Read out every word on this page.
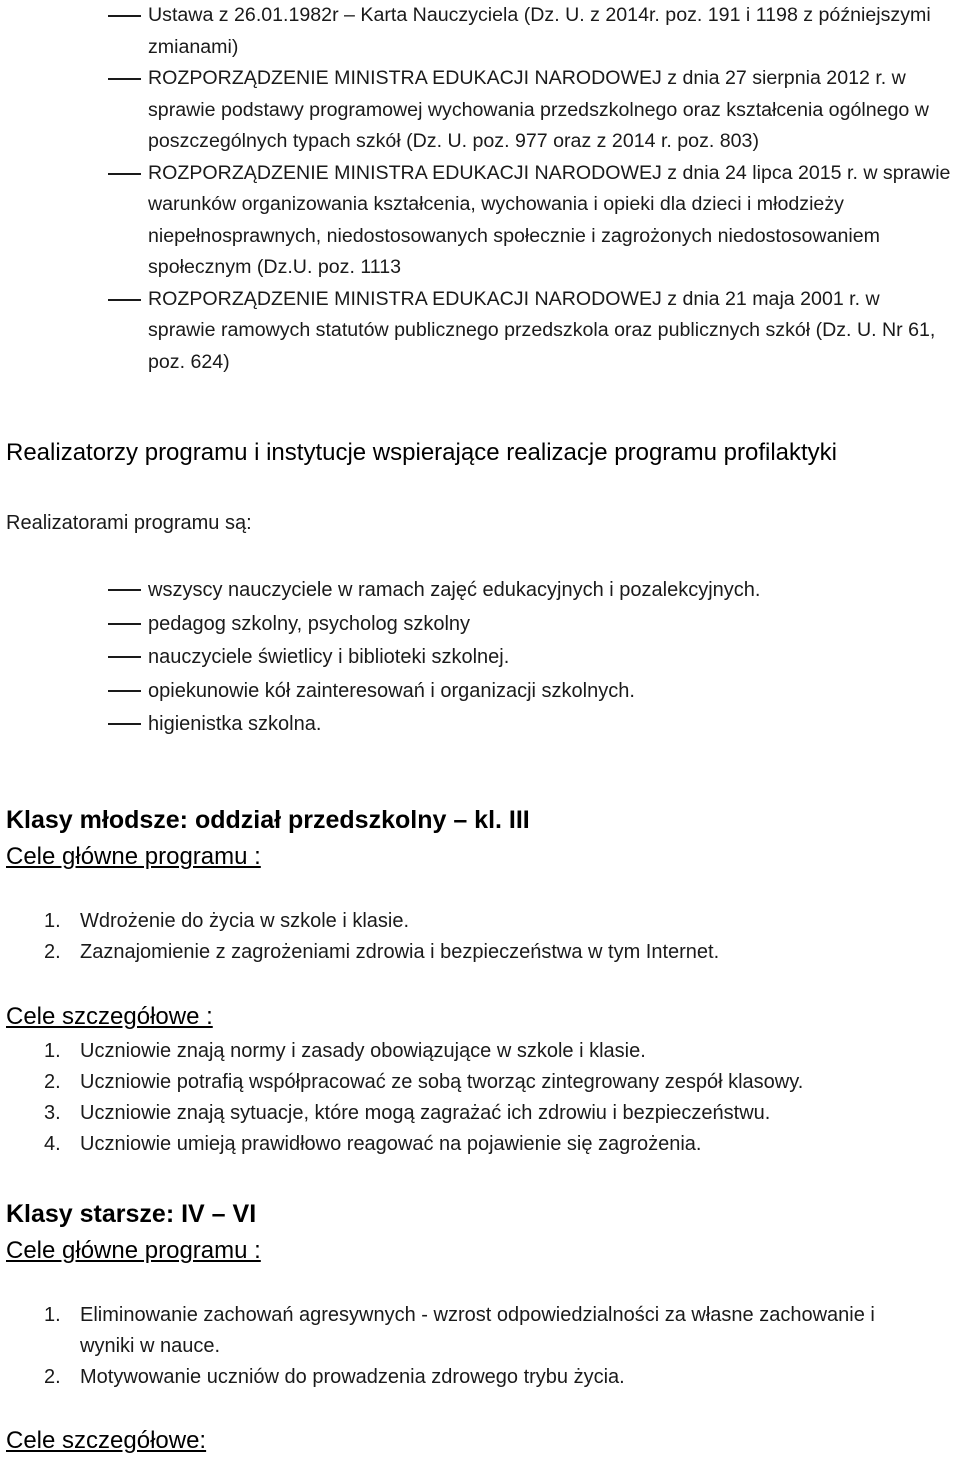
Ustawa z 26.01.1982r – Karta Nauczyciela (Dz. U. z 2014r. poz. 191 i 1198 z późniejszymi zmianami)
ROZPORZĄDZENIE MINISTRA EDUKACJI NARODOWEJ z dnia 27 sierpnia 2012 r. w sprawie podstawy programowej wychowania przedszkolnego oraz kształcenia ogólnego w poszczególnych typach szkół (Dz. U. poz. 977 oraz z 2014 r. poz. 803)
ROZPORZĄDZENIE MINISTRA EDUKACJI NARODOWEJ z dnia 24 lipca 2015 r. w sprawie warunków organizowania kształcenia, wychowania i opieki dla dzieci i młodzieży niepełnosprawnych, niedostosowanych społecznie i zagrożonych niedostosowaniem społecznym (Dz.U. poz. 1113
ROZPORZĄDZENIE MINISTRA EDUKACJI NARODOWEJ z dnia 21 maja 2001 r. w sprawie ramowych statutów publicznego przedszkola oraz publicznych szkół (Dz. U. Nr 61, poz. 624)
Realizatorzy programu i instytucje wspierające realizacje programu profilaktyki

Realizatorami programu są:

wszyscy nauczyciele w ramach zajęć edukacyjnych i pozalekcyjnych.
pedagog szkolny, psycholog szkolny
nauczyciele świetlicy i biblioteki szkolnej.
opiekunowie kół zainteresowań i organizacji szkolnych.
higienistka szkolna.
Klasy młodsze: oddział przedszkolny – kl. III
Cele główne programu :
1. Wdrożenie do życia w szkole i klasie.
2. Zaznajomienie z zagrożeniami zdrowia i bezpieczeństwa w tym Internet.
Cele szczegółowe :
1. Uczniowie znają normy i zasady obowiązujące w szkole i klasie.
2. Uczniowie potrafią współpracować ze sobą tworząc zintegrowany zespół klasowy.
3. Uczniowie znają sytuacje, które mogą zagrażać ich zdrowiu i bezpieczeństwu.
4. Uczniowie umieją prawidłowo reagować na pojawienie się zagrożenia.
Klasy starsze: IV – VI
Cele główne programu :
1. Eliminowanie zachowań agresywnych - wzrost odpowiedzialności za własne zachowanie i wyniki w nauce.
2. Motywowanie uczniów do prowadzenia zdrowego trybu życia.
Cele szczegółowe:
